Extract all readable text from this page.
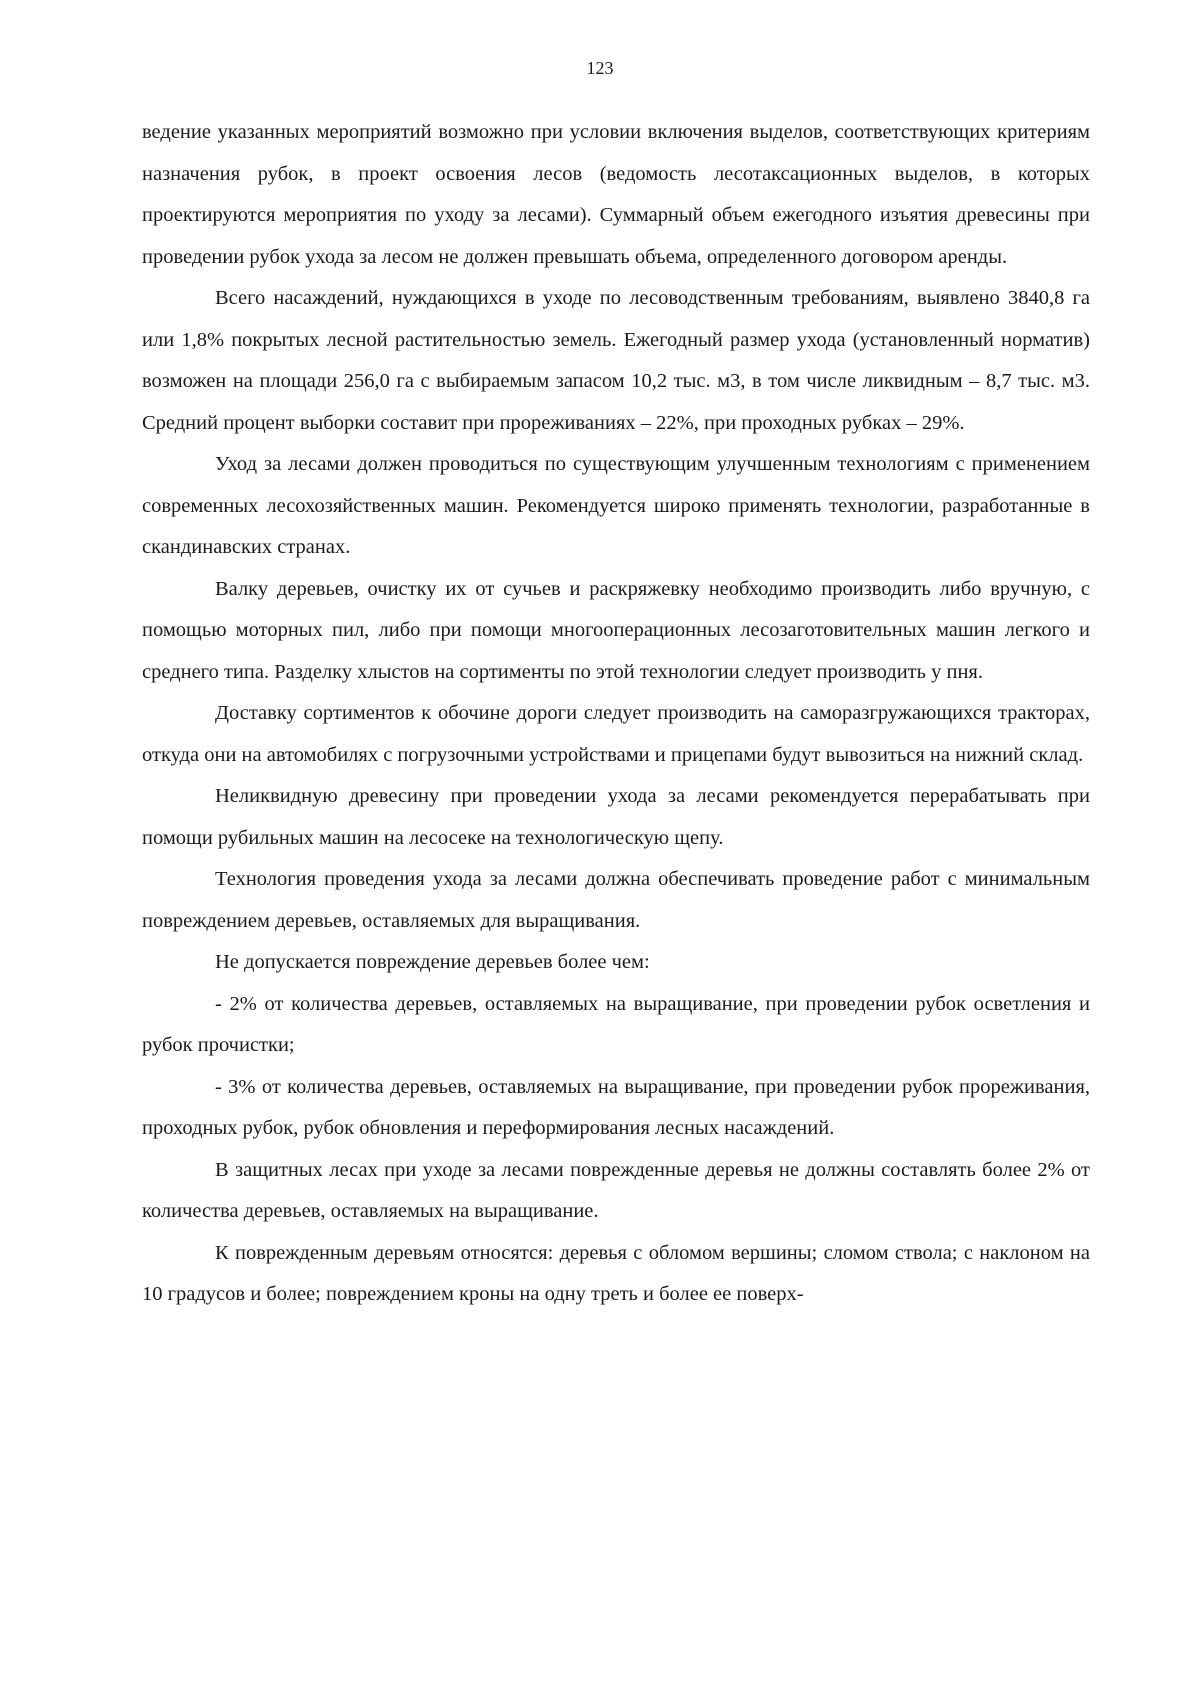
123

ведение указанных мероприятий возможно при условии включения выделов, соответствующих критериям назначения рубок, в проект освоения лесов (ведомость лесотаксационных выделов, в которых проектируются мероприятия по уходу за лесами). Суммарный объем ежегодного изъятия древесины при проведении рубок ухода за лесом не должен превышать объема, определенного договором аренды.

Всего насаждений, нуждающихся в уходе по лесоводственным требованиям, выявлено 3840,8 га или 1,8% покрытых лесной растительностью земель. Ежегодный размер ухода (установленный норматив) возможен на площади 256,0 га с выбираемым запасом 10,2 тыс. м3, в том числе ликвидным – 8,7 тыс. м3. Средний процент выборки составит при прореживаниях – 22%, при проходных рубках – 29%.

Уход за лесами должен проводиться по существующим улучшенным технологиям с применением современных лесохозяйственных машин. Рекомендуется широко применять технологии, разработанные в скандинавских странах.

Валку деревьев, очистку их от сучьев и раскряжевку необходимо производить либо вручную, с помощью моторных пил, либо при помощи многооперационных лесозаготовительных машин легкого и среднего типа. Разделку хлыстов на сортименты по этой технологии следует производить у пня.

Доставку сортиментов к обочине дороги следует производить на саморазгружающихся тракторах, откуда они на автомобилях с погрузочными устройствами и прицепами будут вывозиться на нижний склад.

Неликвидную древесину при проведении ухода за лесами рекомендуется перерабатывать при помощи рубильных машин на лесосеке на технологическую щепу.

Технология проведения ухода за лесами должна обеспечивать проведение работ с минимальным повреждением деревьев, оставляемых для выращивания.

Не допускается повреждение деревьев более чем:

- 2% от количества деревьев, оставляемых на выращивание, при проведении рубок осветления и рубок прочистки;

- 3% от количества деревьев, оставляемых на выращивание, при проведении рубок прореживания, проходных рубок, рубок обновления и переформирования лесных насаждений.

В защитных лесах при уходе за лесами поврежденные деревья не должны составлять более 2% от количества деревьев, оставляемых на выращивание.

К поврежденным деревьям относятся: деревья с обломом вершины; сломом ствола; с наклоном на 10 градусов и более; повреждением кроны на одну треть и более ее поверх-
